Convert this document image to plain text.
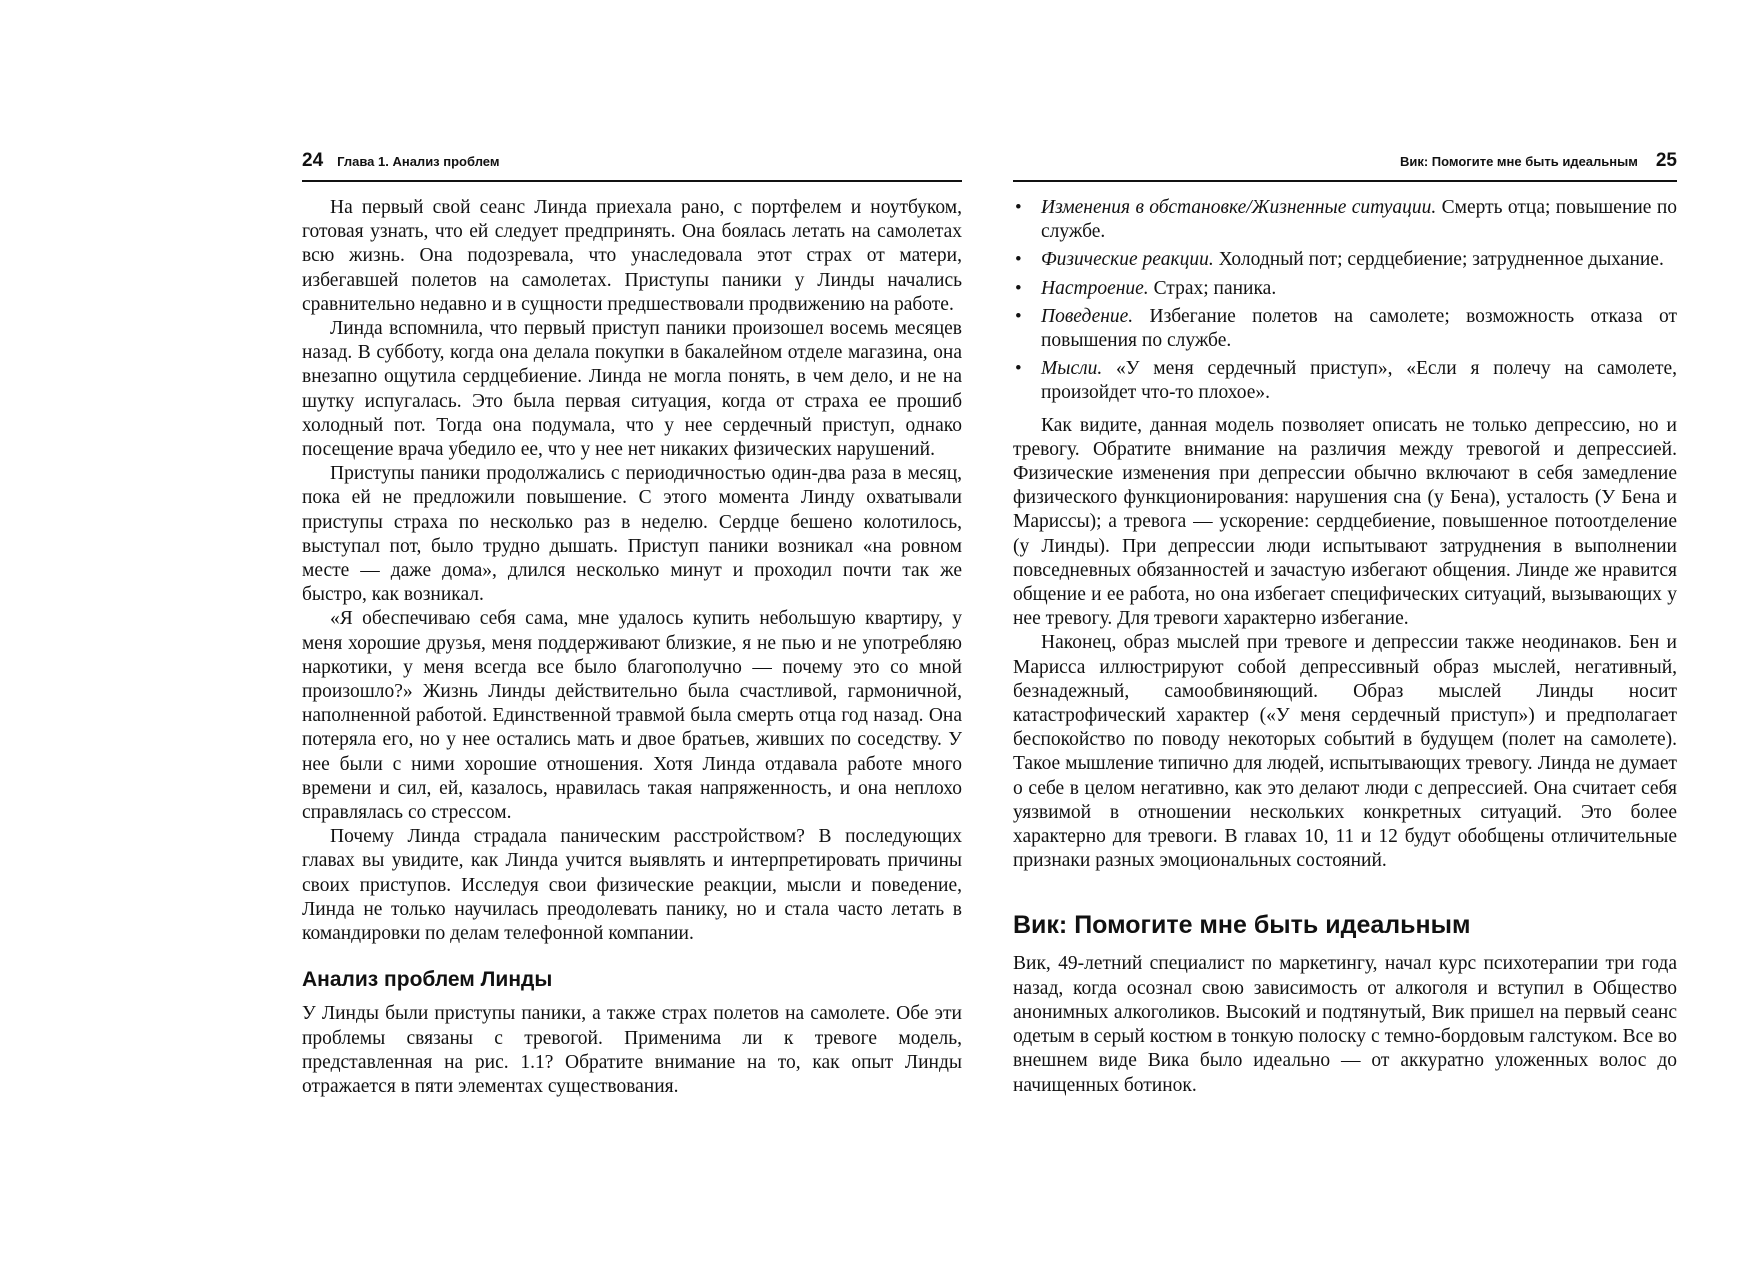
24 Глава 1. Анализ проблем

На первый свой сеанс Линда приехала рано, с портфелем и ноутбуком, готовая узнать, что ей следует предпринять. Она боялась летать на самолетах всю жизнь. Она подозревала, что унаследовала этот страх от матери, избегавшей полетов на самолетах. Приступы паники у Линды начались сравнительно недавно и в сущности предшествовали продвижению на работе.

Линда вспомнила, что первый приступ паники произошел восемь месяцев назад. В субботу, когда она делала покупки в бакалейном отделе магазина, она внезапно ощутила сердцебиение. Линда не могла понять, в чем дело, и не на шутку испугалась. Это была первая ситуация, когда от страха ее прошиб холодный пот. Тогда она подумала, что у нее сердечный приступ, однако посещение врача убедило ее, что у нее нет никаких физических нарушений.

Приступы паники продолжались с периодичностью один-два раза в месяц, пока ей не предложили повышение. С этого момента Линду охватывали приступы страха по несколько раз в неделю. Сердце бешено колотилось, выступал пот, было трудно дышать. Приступ паники возникал «на ровном месте — даже дома», длился несколько минут и проходил почти так же быстро, как возникал.

«Я обеспечиваю себя сама, мне удалось купить небольшую квартиру, у меня хорошие друзья, меня поддерживают близкие, я не пью и не употребляю наркотики, у меня всегда все было благополучно — почему это со мной произошло?» Жизнь Линды действительно была счастливой, гармоничной, наполненной работой. Единственной травмой была смерть отца год назад. Она потеряла его, но у нее остались мать и двое братьев, живших по соседству. У нее были с ними хорошие отношения. Хотя Линда отдавала работе много времени и сил, ей, казалось, нравилась такая напряженность, и она неплохо справлялась со стрессом.

Почему Линда страдала паническим расстройством? В последующих главах вы увидите, как Линда учится выявлять и интерпретировать причины своих приступов. Исследуя свои физические реакции, мысли и поведение, Линда не только научилась преодолевать панику, но и стала часто летать в командировки по делам телефонной компании.

Анализ проблем Линды

У Линды были приступы паники, а также страх полетов на самолете. Обе эти проблемы связаны с тревогой. Применима ли к тревоге модель, представленная на рис. 1.1? Обратите внимание на то, как опыт Линды отражается в пяти элементах существования.

Вик: Помогите мне быть идеальным 25
• Изменения в обстановке/Жизненные ситуации. Смерть отца; повышение по службе.
• Физические реакции. Холодный пот; сердцебиение; затрудненное дыхание.
• Настроение. Страх; паника.
• Поведение. Избегание полетов на самолете; возможность отказа от повышения по службе.
• Мысли. «У меня сердечный приступ», «Если я полечу на самолете, произойдет что-то плохое».

Как видите, данная модель позволяет описать не только депрессию, но и тревогу. Обратите внимание на различия между тревогой и депрессией. Физические изменения при депрессии обычно включают в себя замедление физического функционирования: нарушения сна (у Бена), усталость (У Бена и Мариссы); а тревога — ускорение: сердцебиение, повышенное потоотделение (у Линды). При депрессии люди испытывают затруднения в выполнении повседневных обязанностей и зачастую избегают общения. Линде же нравится общение и ее работа, но она избегает специфических ситуаций, вызывающих у нее тревогу. Для тревоги характерно избегание.

Наконец, образ мыслей при тревоге и депрессии также неодинаков. Бен и Марисса иллюстрируют собой депрессивный образ мыслей, негативный, безнадежный, самообвиняющий. Образ мыслей Линды носит катастрофический характер («У меня сердечный приступ») и предполагает беспокойство по поводу некоторых событий в будущем (полет на самолете). Такое мышление типично для людей, испытывающих тревогу. Линда не думает о себе в целом негативно, как это делают люди с депрессией. Она считает себя уязвимой в отношении нескольких конкретных ситуаций. Это более характерно для тревоги. В главах 10, 11 и 12 будут обобщены отличительные признаки разных эмоциональных состояний.

Вик: Помогите мне быть идеальным

Вик, 49-летний специалист по маркетингу, начал курс психотерапии три года назад, когда осознал свою зависимость от алкоголя и вступил в Общество анонимных алкоголиков. Высокий и подтянутый, Вик пришел на первый сеанс одетым в серый костюм в тонкую полоску с темно-бордовым галстуком. Все во внешнем виде Вика было идеально — от аккуратно уложенных волос до начищенных ботинок.
